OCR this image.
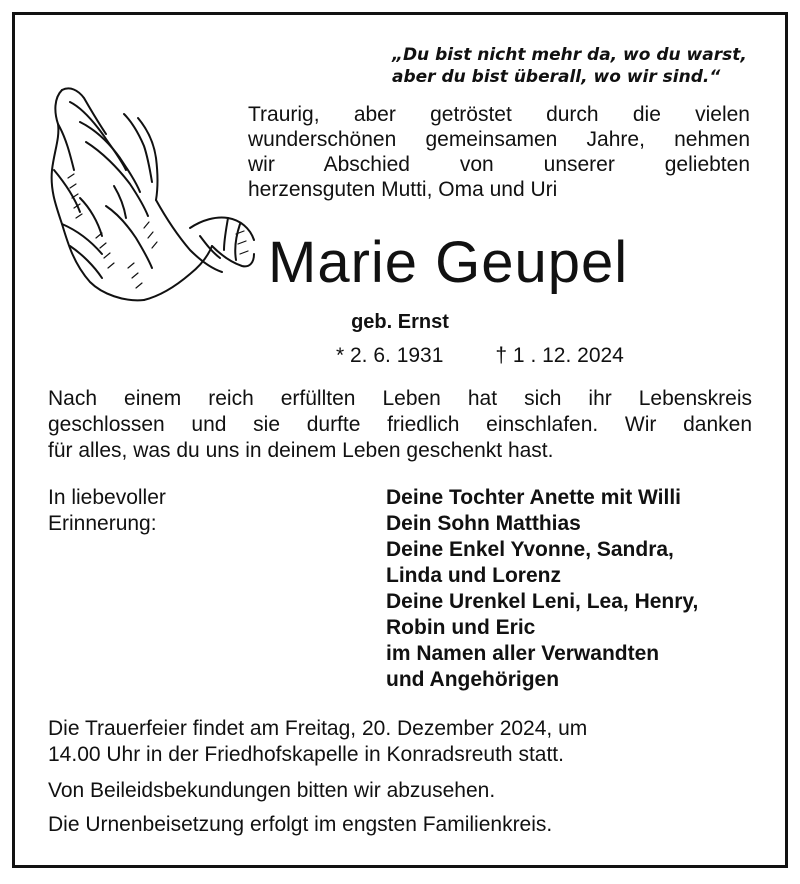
„Du bist nicht mehr da, wo du warst,
aber du bist überall, wo wir sind.“
Traurig, aber getröstet durch die vielen
wunderschönen gemeinsamen Jahre, nehmen
wir Abschied von unserer geliebten
herzensguten Mutti, Oma und Uri
Marie Geupel
geb. Ernst
* 2. 6. 1931 † 1 . 12. 2024
Nach einem reich erfüllten Leben hat sich ihr Lebenskreis
geschlossen und sie durfte friedlich einschlafen. Wir danken
für alles, was du uns in deinem Leben geschenkt hast.
In liebevoller
Erinnerung:
Deine Tochter Anette mit Willi
Dein Sohn Matthias
Deine Enkel Yvonne, Sandra,
Linda und Lorenz
Deine Urenkel Leni, Lea, Henry,
Robin und Eric
im Namen aller Verwandten
und Angehörigen
Die Trauerfeier findet am Freitag, 20. Dezember 2024, um
14.00 Uhr in der Friedhofskapelle in Konradsreuth statt.
Von Beileidsbekundungen bitten wir abzusehen.
Die Urnenbeisetzung erfolgt im engsten Familienkreis.
